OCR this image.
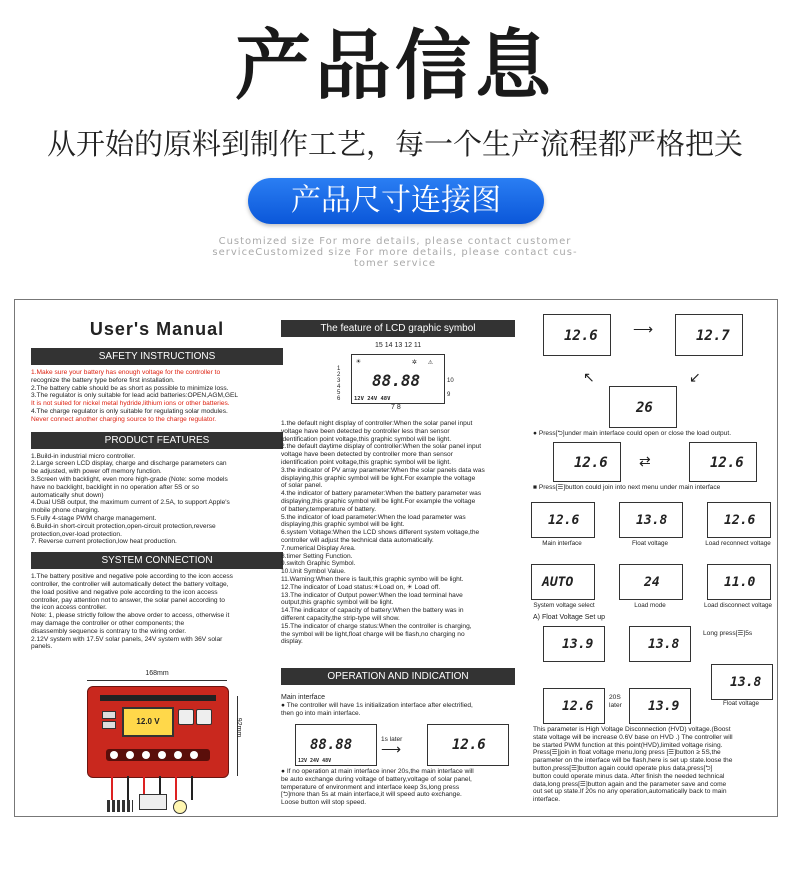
产品信息
从开始的原料到制作工艺，每一个生产流程都严格把关
产品尺寸连接图
Customized size For more details, please contact customer
serviceCustomized size For more details, please contact cus-
tomer service
User's Manual
SAFETY INSTRUCTIONS
1.Make sure your battery has enough voltage for the controller to
recognize the battery type before first installation.
2.The battery cable should be as short as possible to minimize loss.
3.The regulator is only suitable for lead acid batteries:OPEN,AGM,GEL
It is not suited for nickel metal hydride,lithium ions or other batteries.
4.The charge regulator is only suitable for regulating solar modules.
Never connect another charging source to the charge regulator.
PRODUCT FEATURES
1.Build-in industrial micro controller.
2.Large screen LCD display, charge and discharge parameters can
be adjusted, with power off memory function.
3.Screen with backlight, even more high-grade (Note: some models
have no backlight, backlight in no operation after 5S or so
automatically shut down)
4.Dual USB output, the maximum current of 2.5A, to support Apple's
mobile phone charging.
5.Fully 4-stage PWM charge management.
6.Build-in short-circuit protection,open-circuit protection,reverse
protection,over-load protection.
7. Reverse current protection,low heat production.
SYSTEM CONNECTION
1.The battery positive and negative pole according to the icon access
controller, the controller will automatically detect the battery voltage,
the load positive and negative pole according to the icon access
controller, pay attention not to answer, the solar panel according to
the icon access controller.
Note: 1, please strictly follow the above order to access, otherwise it
may damage the controller or other components; the
disassembly sequence is contrary to the wiring order.
2.12V system with 17.5V solar panels, 24V system with 36V solar
panels.
168mm
92mm
12.0 V
The feature of LCD graphic symbol
15 14 13 12 11
1
2
3
4
5
6
☀	✲ ⚠
88.88
12V 24V 48V
10
9
7 8
1.the default night display of controller:When the solar panel input
voltage have been detected by controller less than sensor
identification point voltage,this graphic symbol will be light.
2.the default daytime display of controller:When the solar panel input
voltage have been detected by controller more than sensor
identification point voltage,this graphic symbol will be light.
3.the indicator of PV array parameter:When the solar panels data was
displaying,this graphic symbol will be light.For example the voltage
of solar panel.
4.the indicator of battery parameter:When the battery parameter was
displaying,this graphic symbol will be light.For example the voltage
of battery,temperature of battery.
5.the indicator of load parameter:When the load parameter was
displaying,this graphic symbol will be light.
6.system Voltage:When the LCD shows different system voltage,the
controller will adjust the technical data automatically.
7.numerical Display Area.
8.timer Setting Function.
9.switch Graphic Symbol.
10.Unit Symbol Value.
11.Warning:When there is fault,this graphic symbo will be light.
12.The indicator of Load status:☀Load on, ☀ Load off.
13.The indicator of Output power:When the load terminal have
output,this graphic symbol will be light.
14.The indicator of capacity of battery:When the battery was in
different capacity,the strip-type will show.
15.The indicator of charge status:When the controller is charging,
the symbol will be light,float charge will be flash,no charging no
display.
OPERATION AND INDICATION
Main interface
● The controller will have 1s initialization interface after electrified,
then go into main interface.
88.88
12V 24V 48V
1s later
⟶	12.6
● If no operation at main interface inner 20s,the main interface will
be auto exchange during voltage of battery,voltage of solar panel,
temperature of environment and interface keep 3s,long press
[⮌]more than 5s at main interface,it will speed auto exchange.
Loose button will stop speed.
12.6	⟶	12.7
26
↖	↙
● Press[⮌]under main interface could open or close the load output.
12.6 ⇄	12.6
■ Press[☰]button could join into next menu under main interface
12.6	13.8	12.6
Main interface	Float voltage	Load reconnect voltage
AUTO	24	11.0
System voltage select	Load mode	Load disconnect voltage
A) Float Voltage Set up
13.9	13.8
Long press[☰]5s
13.8
Float voltage
12.6
20S later	13.9
This parameter is High Voltage Disconnection (HVD) voltage.(Boost
state voltage will be increase 0.6V base on HVD .) The controller will
be started PWM function at this point(HVD),limited voltage rising.
Press[☰]join in float voltage menu,long press [☰]button ≥ 5S,the
parameter on the interface will be flash,here is set up state.loose the
button,press[☰]button again could operate plus data,press[⮌]
button could operate minus data. After finish the needed technical
data,long press[☰]button again and the parameter save and come
out set up state.If 20s no any operation,automatically back to main
interface.
